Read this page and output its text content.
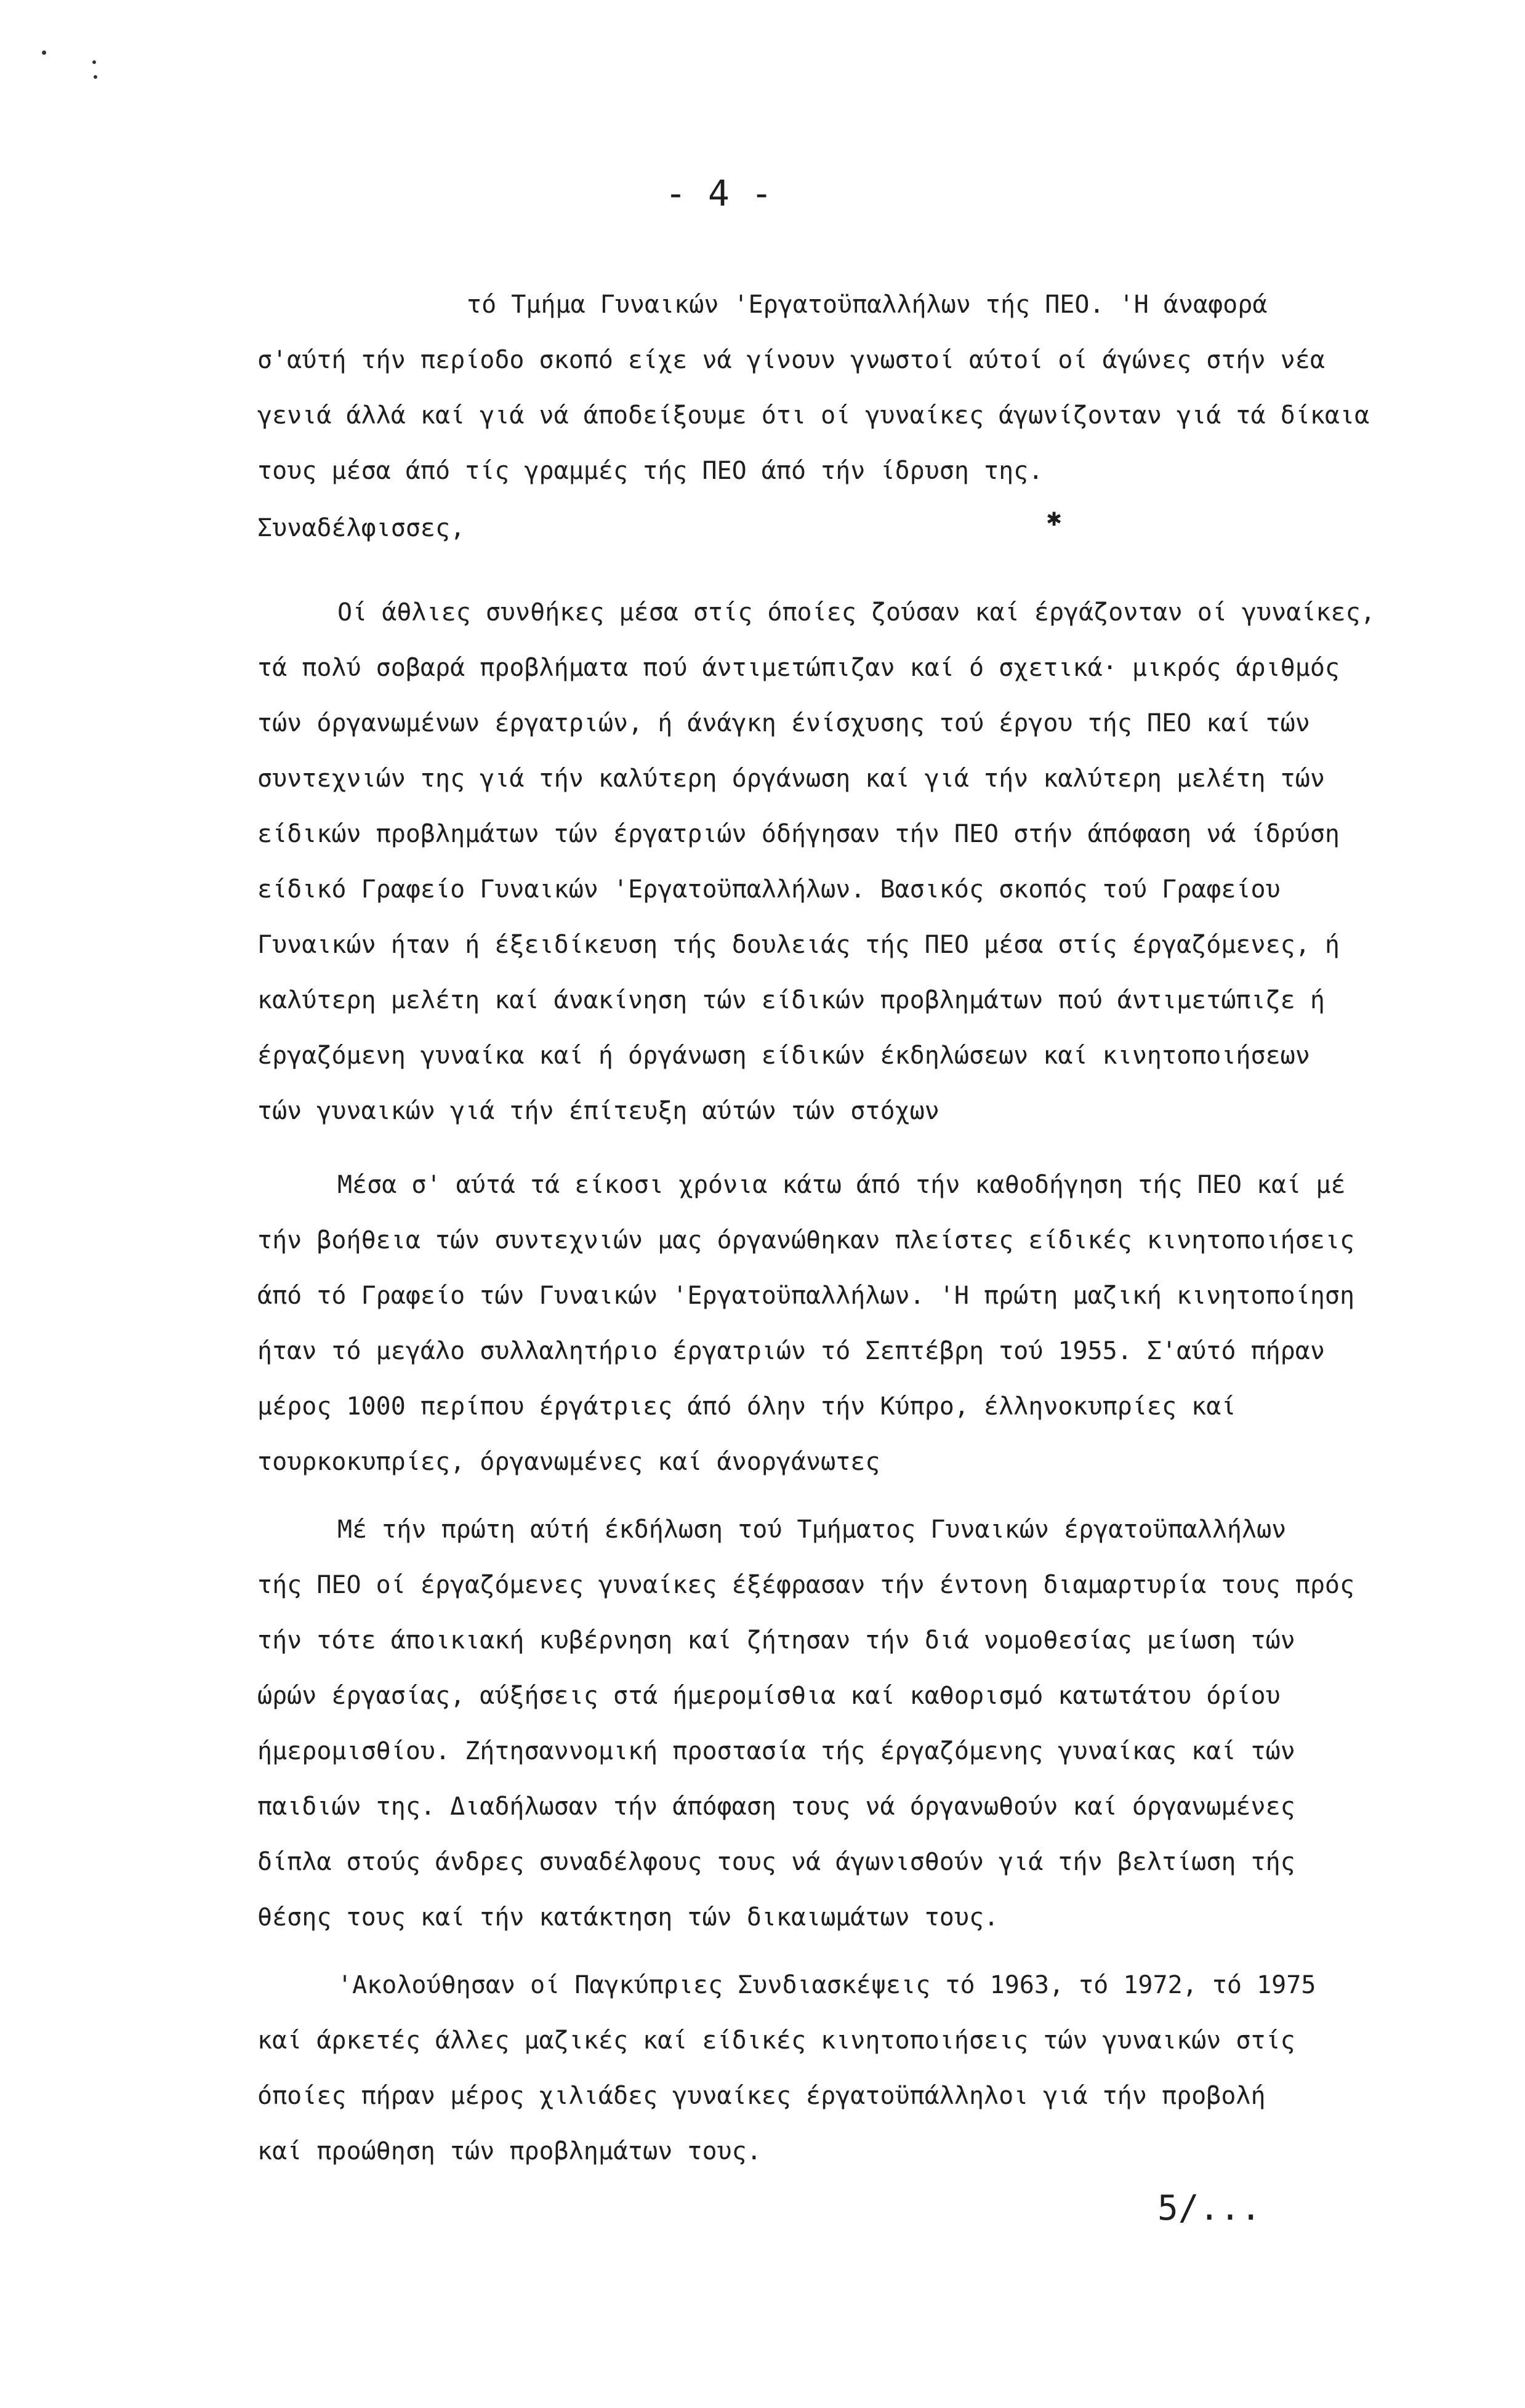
- 4 -
τό Τμήμα Γυναικών 'Εργατοϋπαλλήλων τής ΠΕΟ. 'Η άναφορά
σ'αύτή τήν περίοδο σκοπό είχε νά γίνουν γνωστοί αύτοί οί άγώνες στήν νέα
γενιά άλλά καί γιά νά άποδείξουμε ότι οί γυναίκες άγωνίζονταν γιά τά δίκαια
τους μέσα άπό τίς γραμμές τής ΠΕΟ άπό τήν ίδρυση της.
Συναδέλφισσες,	✱
Οί άθλιες συνθήκες μέσα στίς όποίες ζούσαν καί έργάζονταν οί γυναίκες,
τά πολύ σοβαρά προβλήματα πού άντιμετώπιζαν καί ό σχετικά· μικρός άριθμός
τών όργανωμένων έργατριών, ή άνάγκη ένίσχυσης τού έργου τής ΠΕΟ καί τών
συντεχνιών της γιά τήν καλύτερη όργάνωση καί γιά τήν καλύτερη μελέτη τών
είδικών προβλημάτων τών έργατριών όδήγησαν τήν ΠΕΟ στήν άπόφαση νά ίδρύση
είδικό Γραφείο Γυναικών 'Εργατοϋπαλλήλων. Βασικός σκοπός τού Γραφείου
Γυναικών ήταν ή έξειδίκευση τής δουλειάς τής ΠΕΟ μέσα στίς έργαζόμενες, ή
καλύτερη μελέτη καί άνακίνηση τών είδικών προβλημάτων πού άντιμετώπιζε ή
έργαζόμενη γυναίκα καί ή όργάνωση είδικών έκδηλώσεων καί κινητοποιήσεων
τών γυναικών γιά τήν έπίτευξη αύτών τών στόχων
Μέσα σ' αύτά τά είκοσι χρόνια κάτω άπό τήν καθοδήγηση τής ΠΕΟ καί μέ
τήν βοήθεια τών συντεχνιών μας όργανώθηκαν πλείστες είδικές κινητοποιήσεις
άπό τό Γραφείο τών Γυναικών 'Εργατοϋπαλλήλων. 'Η πρώτη μαζική κινητοποίηση
ήταν τό μεγάλο συλλαλητήριο έργατριών τό Σεπτέβρη τού 1955. Σ'αύτό πήραν
μέρος 1000 περίπου έργάτριες άπό όλην τήν Κύπρο, έλληνοκυπρίες καί
τουρκοκυπρίες, όργανωμένες καί άνοργάνωτες
Μέ τήν πρώτη αύτή έκδήλωση τού Τμήματος Γυναικών έργατοϋπαλλήλων
τής ΠΕΟ οί έργαζόμενες γυναίκες έξέφρασαν τήν έντονη διαμαρτυρία τους πρός
τήν τότε άποικιακή κυβέρνηση καί ζήτησαν τήν διά νομοθεσίας μείωση τών
ώρών έργασίας, αύξήσεις στά ήμερομίσθια καί καθορισμό κατωτάτου όρίου
ήμερομισθίου. Ζήτησαννομική προστασία τής έργαζόμενης γυναίκας καί τών
παιδιών της. Διαδήλωσαν τήν άπόφαση τους νά όργανωθούν καί όργανωμένες
δίπλα στούς άνδρες συναδέλφους τους νά άγωνισθούν γιά τήν βελτίωση τής
θέσης τους καί τήν κατάκτηση τών δικαιωμάτων τους.
'Ακολούθησαν οί Παγκύπριες Συνδιασκέψεις τό 1963, τό 1972, τό 1975
καί άρκετές άλλες μαζικές καί είδικές κινητοποιήσεις τών γυναικών στίς
όποίες πήραν μέρος χιλιάδες γυναίκες έργατοϋπάλληλοι γιά τήν προβολή
καί προώθηση τών προβλημάτων τους.
5/...
